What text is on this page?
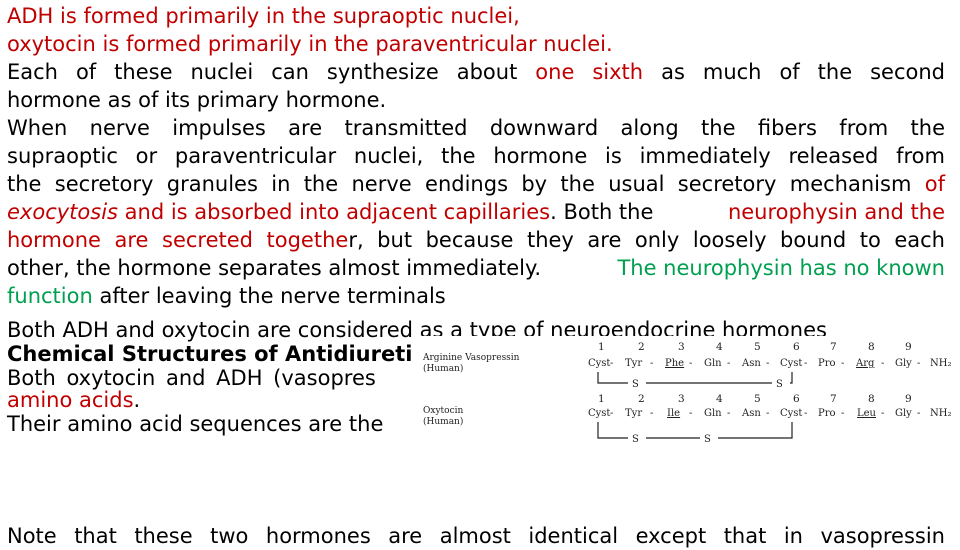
ADH is formed primarily in the supraoptic nuclei,
oxytocin is formed primarily in the paraventricular nuclei.
Each of these nuclei can synthesize about one sixth as much of the second
hormone as of its primary hormone.
When nerve impulses are transmitted downward along the fibers from the
supraoptic or paraventricular nuclei, the hormone is immediately released from
the secretory granules in the nerve endings by the usual secretory mechanism of
exocytosis and is absorbed into adjacent capillaries. Both the	neurophysin and the
hormone are secreted together, but because they are only loosely bound to each
other, the hormone separates almost immediately.	The neurophysin has no known
function after leaving the nerve terminals
Both ADH and oxytocin are considered as a type of neuroendocrine hormones
Chemical Structures of Antidiureti
Both oxytocin and ADH (vasopres
amino acids.
Their amino acid sequences are the
Note that these two hormones are almost identical except that in vasopressin
Arginine Vasopressin
(Human)
1	2	3	4	5	6	7	8	9
Cyst - Tyr - Phe - Gln - Asn - Cyst - Pro - Arg - Gly - NH₂
S	S
Oxytocin
(Human)
1	2	3	4	5	6	7	8	9
Cyst - Tyr - Ile - Gln - Asn - Cyst - Pro - Leu - Gly - NH₂
S	S
